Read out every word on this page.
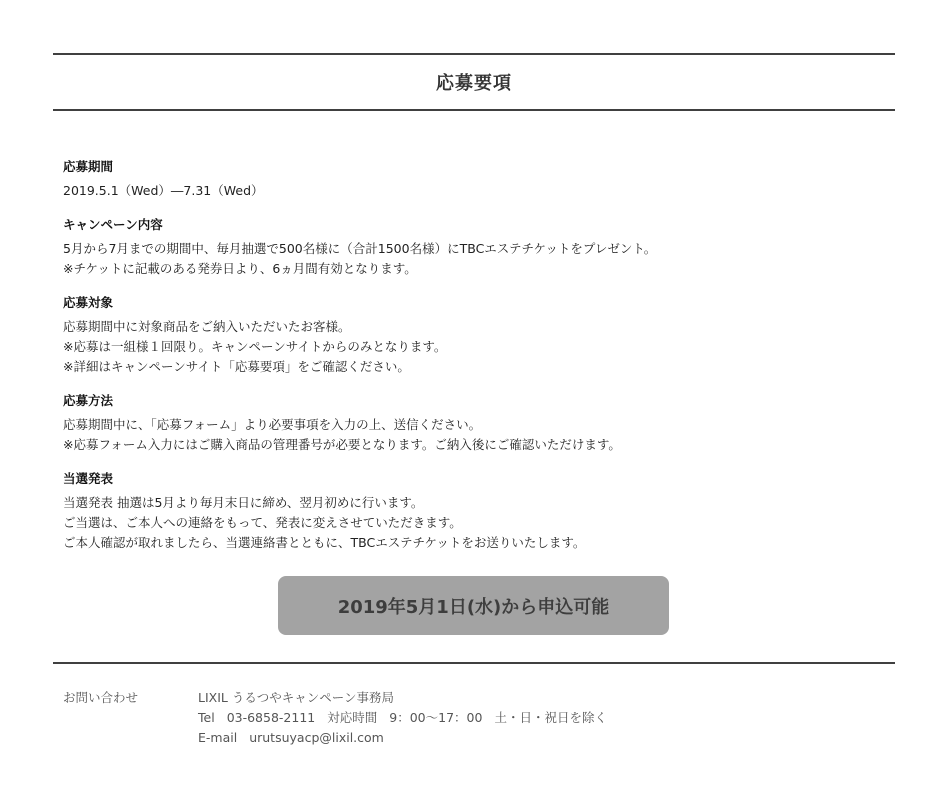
応募要項

応募期間

2019.5.1（Wed）―7.31（Wed）

キャンペーン内容

5月から7月までの期間中、毎月抽選で500名様に（合計1500名様）にTBCエステチケットをプレゼント。

※チケットに記載のある発券日より、6ヵ月間有効となります。

応募対象

応募期間中に対象商品をご納入いただいたお客様。

※応募は一組様１回限り。キャンペーンサイトからのみとなります。

※詳細はキャンペーンサイト「応募要項」をご確認ください。

応募方法

応募期間中に、「応募フォーム」より必要事項を入力の上、送信ください。

※応募フォーム入力にはご購入商品の管理番号が必要となります。ご納入後にご確認いただけます。

当選発表

当選発表 抽選は5月より毎月末日に締め、翌月初めに行います。

ご当選は、ご本人への連絡をもって、発表に変えさせていただきます。

ご本人確認が取れましたら、当選連絡書とともに、TBCエステチケットをお送りいたします。

2019年5月1日(水)から申込可能
お問い合わせ	LIXIL うるつやキャンペーン事務局

Tel 03-6858-2111 対応時間 9：00～17：00 土・日・祝日を除く

E-mail urutsuyacp@lixil.com
